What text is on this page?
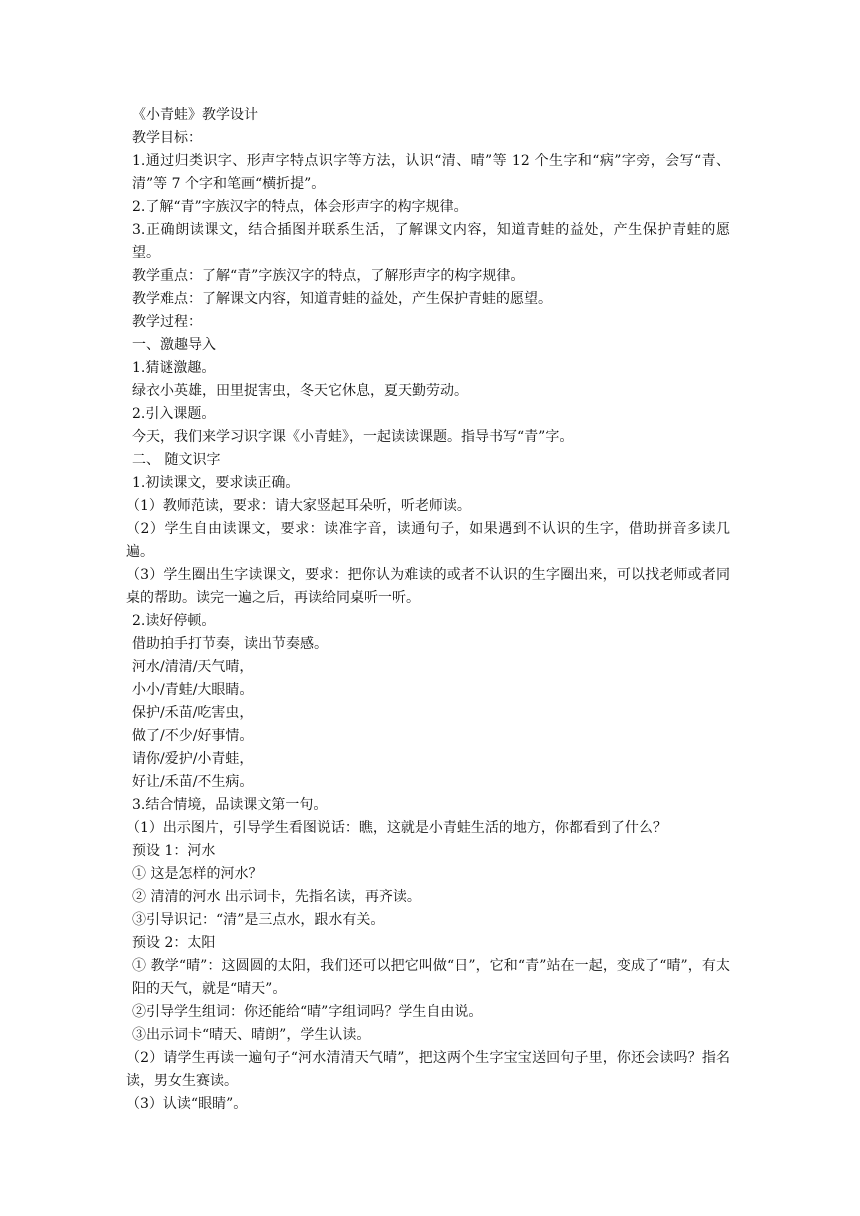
《小青蛙》教学设计

教学目标：

1.通过归类识字、形声字特点识字等方法，认识“清、晴”等 12 个生字和“病”字旁，会写“青、清”等 7 个字和笔画“横折提”。

2.了解“青”字族汉字的特点，体会形声字的构字规律。

3.正确朗读课文，结合插图并联系生活，了解课文内容，知道青蛙的益处，产生保护青蛙的愿望。

教学重点：了解“青”字族汉字的特点，了解形声字的构字规律。

教学难点：了解课文内容，知道青蛙的益处，产生保护青蛙的愿望。

教学过程：

一、激趣导入

1.猜谜激趣。

绿衣小英雄，田里捉害虫，冬天它休息，夏天勤劳动。

2.引入课题。

今天，我们来学习识字课《小青蛙》，一起读读课题。指导书写“青”字。

二、 随文识字

1.初读课文，要求读正确。

（1）教师范读，要求：请大家竖起耳朵听，听老师读。

（2）学生自由读课文，要求：读准字音，读通句子，如果遇到不认识的生字，借助拼音多读几遍。

（3）学生圈出生字读课文，要求：把你认为难读的或者不认识的生字圈出来，可以找老师或者同桌的帮助。读完一遍之后，再读给同桌听一听。

2.读好停顿。

借助拍手打节奏，读出节奏感。

河水/清清/天气晴，

小小/青蛙/大眼睛。

保护/禾苗/吃害虫，

做了/不少/好事情。

请你/爱护/小青蛙，

好让/禾苗/不生病。

3.结合情境，品读课文第一句。

（1）出示图片，引导学生看图说话：瞧，这就是小青蛙生活的地方，你都看到了什么？

预设 1：河水

① 这是怎样的河水？

② 清清的河水 出示词卡，先指名读，再齐读。

③引导识记：“清”是三点水，跟水有关。

预设 2：太阳

① 教学“晴”：这圆圆的太阳，我们还可以把它叫做“日”，它和“青”站在一起，变成了“晴”，有太阳的天气，就是“晴天”。

②引导学生组词：你还能给“晴”字组词吗？学生自由说。

③出示词卡“晴天、晴朗”，学生认读。

（2）请学生再读一遍句子“河水清清天气晴”，把这两个生字宝宝送回句子里，你还会读吗？指名读，男女生赛读。

（3）认读“眼睛”。
